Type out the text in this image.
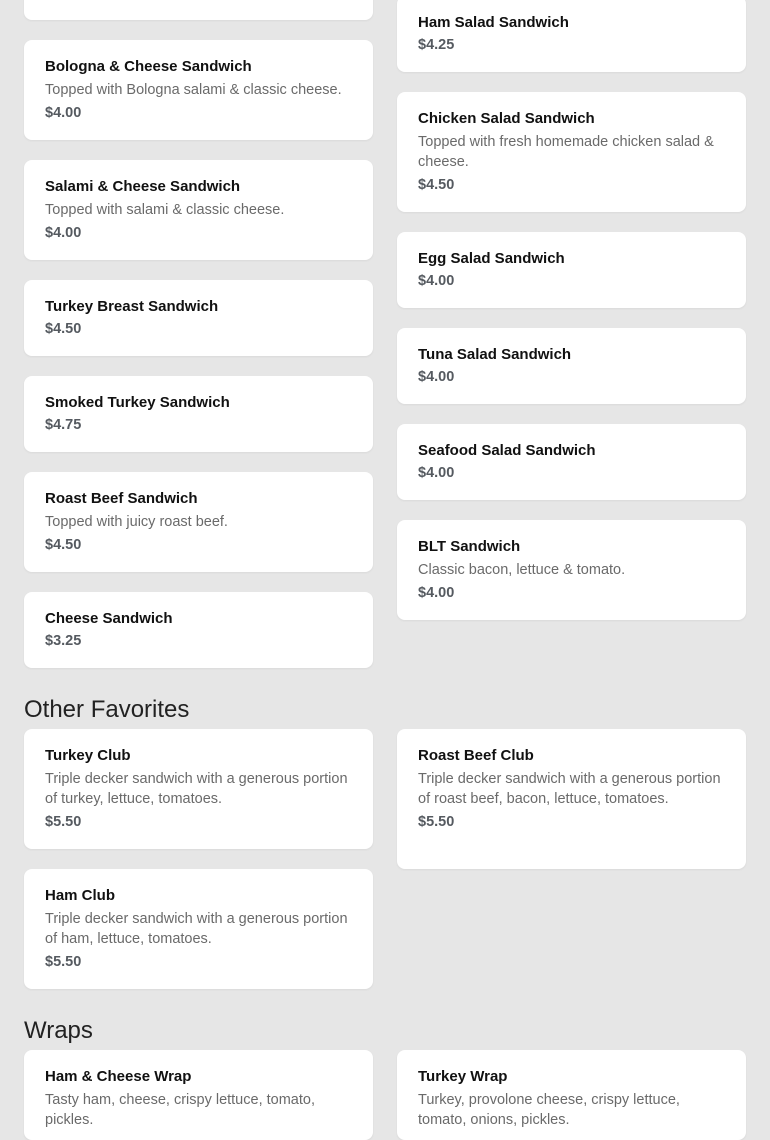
Bologna & Cheese Sandwich

Topped with Bologna salami & classic cheese.

$4.00

Salami & Cheese Sandwich

Topped with salami & classic cheese.

$4.00

Turkey Breast Sandwich

$4.50

Smoked Turkey Sandwich

$4.75

Roast Beef Sandwich

Topped with juicy roast beef.

$4.50

Cheese Sandwich

$3.25

Ham Salad Sandwich

$4.25

Chicken Salad Sandwich

Topped with fresh homemade chicken salad & cheese.

$4.50

Egg Salad Sandwich

$4.00

Tuna Salad Sandwich

$4.00

Seafood Salad Sandwich

$4.00

BLT Sandwich

Classic bacon, lettuce & tomato.

$4.00

Other Favorites

Turkey Club

Triple decker sandwich with a generous portion of turkey, lettuce, tomatoes.

$5.50

Roast Beef Club

Triple decker sandwich with a generous portion of roast beef, bacon, lettuce, tomatoes.

$5.50

Ham Club

Triple decker sandwich with a generous portion of ham, lettuce, tomatoes.

$5.50

Wraps

Ham & Cheese Wrap

Tasty ham, cheese, crispy lettuce, tomato, pickles.

Turkey Wrap

Turkey, provolone cheese, crispy lettuce, tomato, onions, pickles.
